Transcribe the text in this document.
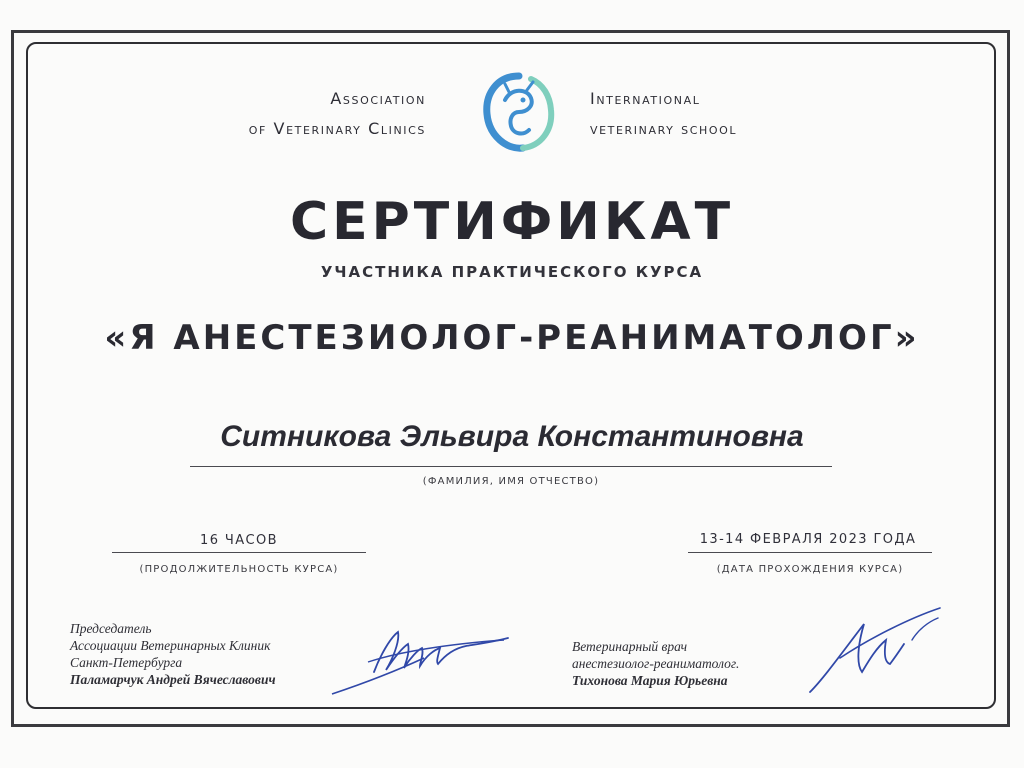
Association
of Veterinary Clinics
International
veterinary school
СЕРТИФИКАТ
УЧАСТНИКА ПРАКТИЧЕСКОГО КУРСА
«Я АНЕСТЕЗИОЛОГ-РЕАНИМАТОЛОГ»
Ситникова Эльвира Константиновна
(ФАМИЛИЯ, ИМЯ ОТЧЕСТВО)
16 ЧАСОВ
(ПРОДОЛЖИТЕЛЬНОСТЬ КУРСА)
13-14 ФЕВРАЛЯ 2023 ГОДА
(ДАТА ПРОХОЖДЕНИЯ КУРСА)
Председатель
Ассоциации Ветеринарных Клиник
Санкт-Петербурга
Паламарчук Андрей Вячеславович
Ветеринарный врач
анестезиолог-реаниматолог.
Тихонова Мария Юрьевна
